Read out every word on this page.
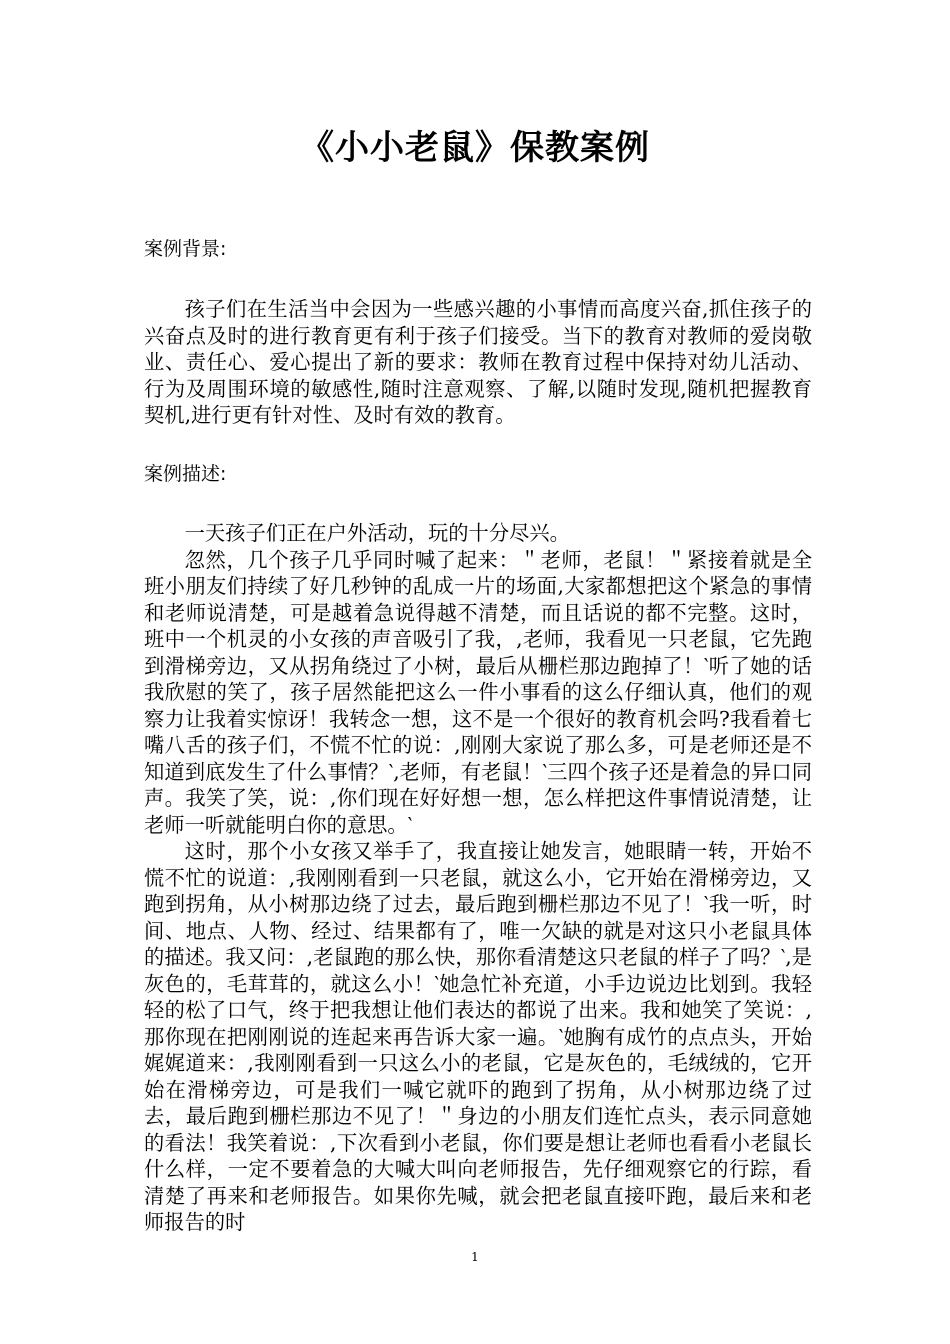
《小小老鼠》保教案例
案例背景:

孩子们在生活当中会因为一些感兴趣的小事情而高度兴奋,抓住孩子的兴奋点及时的进行教育更有利于孩子们接受。当下的教育对教师的爱岗敬业、责任心、爱心提出了新的要求：教师在教育过程中保持对幼儿活动、行为及周围环境的敏感性,随时注意观察、了解,以随时发现,随机把握教育契机,进行更有针对性、及时有效的教育。

案例描述:

一天孩子们正在户外活动，玩的十分尽兴。

忽然，几个孩子几乎同时喊了起来：＂老师，老鼠！＂紧接着就是全班小朋友们持续了好几秒钟的乱成一片的场面,大家都想把这个紧急的事情和老师说清楚，可是越着急说得越不清楚，而且话说的都不完整。这时，班中一个机灵的小女孩的声音吸引了我，,老师，我看见一只老鼠，它先跑到滑梯旁边，又从拐角绕过了小树，最后从栅栏那边跑掉了！‵听了她的话我欣慰的笑了，孩子居然能把这么一件小事看的这么仔细认真，他们的观察力让我着实惊讶！我转念一想，这不是一个很好的教育机会吗?我看着七嘴八舌的孩子们，不慌不忙的说：,刚刚大家说了那么多，可是老师还是不知道到底发生了什么事情？‵,老师，有老鼠！‵三四个孩子还是着急的异口同声。我笑了笑，说：,你们现在好好想一想，怎么样把这件事情说清楚，让老师一听就能明白你的意思。‵

这时，那个小女孩又举手了，我直接让她发言，她眼睛一转，开始不慌不忙的说道：,我刚刚看到一只老鼠，就这么小，它开始在滑梯旁边，又跑到拐角，从小树那边绕了过去，最后跑到栅栏那边不见了！‵我一听，时间、地点、人物、经过、结果都有了，唯一欠缺的就是对这只小老鼠具体的描述。我又问：,老鼠跑的那么快，那你看清楚这只老鼠的样子了吗？‵,是灰色的，毛茸茸的，就这么小！‵她急忙补充道，小手边说边比划到。我轻轻的松了口气，终于把我想让他们表达的都说了出来。我和她笑了笑说：,那你现在把刚刚说的连起来再告诉大家一遍。‵她胸有成竹的点点头，开始娓娓道来：,我刚刚看到一只这么小的老鼠，它是灰色的，毛绒绒的，它开始在滑梯旁边，可是我们一喊它就吓的跑到了拐角，从小树那边绕了过去，最后跑到栅栏那边不见了！＂身边的小朋友们连忙点头，表示同意她的看法！我笑着说：,下次看到小老鼠，你们要是想让老师也看看小老鼠长什么样，一定不要着急的大喊大叫向老师报告，先仔细观察它的行踪，看清楚了再来和老师报告。如果你先喊，就会把老鼠直接吓跑，最后来和老师报告的时

1
